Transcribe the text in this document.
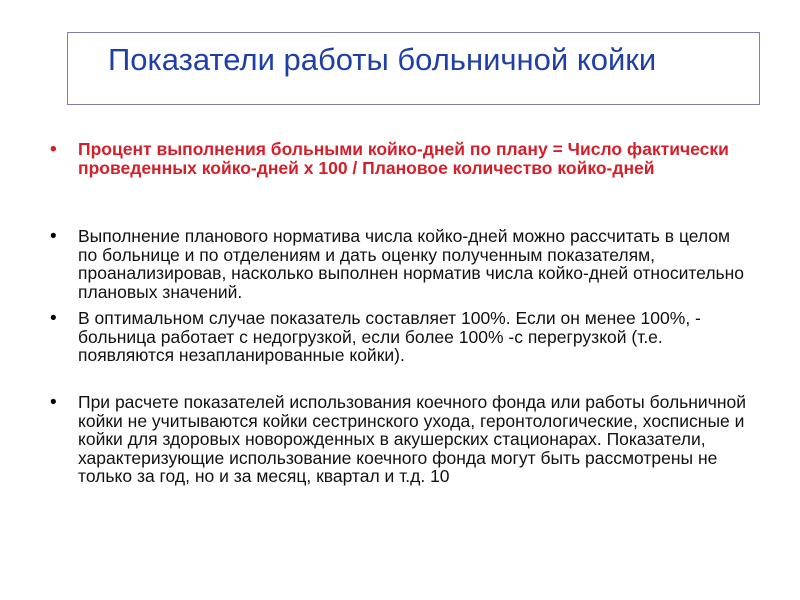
Показатели работы больничной койки
• Процент выполнения больными койко-дней по плану = Число фактически проведенных койко-дней х 100 / Плановое количество койко-дней
• Выполнение планового норматива числа койко-дней можно рассчитать в целом по больнице и по отделениям и дать оценку полученным показателям, проанализировав, насколько выполнен норматив числа койко-дней относительно плановых значений.
• В оптимальном случае показатель составляет 100%. Если он менее 100%, - больница работает с недогрузкой, если более 100% -с перегрузкой (т.е. появляются незапланированные койки).
• При расчете показателей использования коечного фонда или работы больничной койки не учитываются койки сестринского ухода, геронтологические, хосписные и койки для здоровых новорожденных в акушерских стационарах. Показатели, характеризующие использование коечного фонда могут быть рассмотрены не только за год, но и за месяц, квартал и т.д. 10
